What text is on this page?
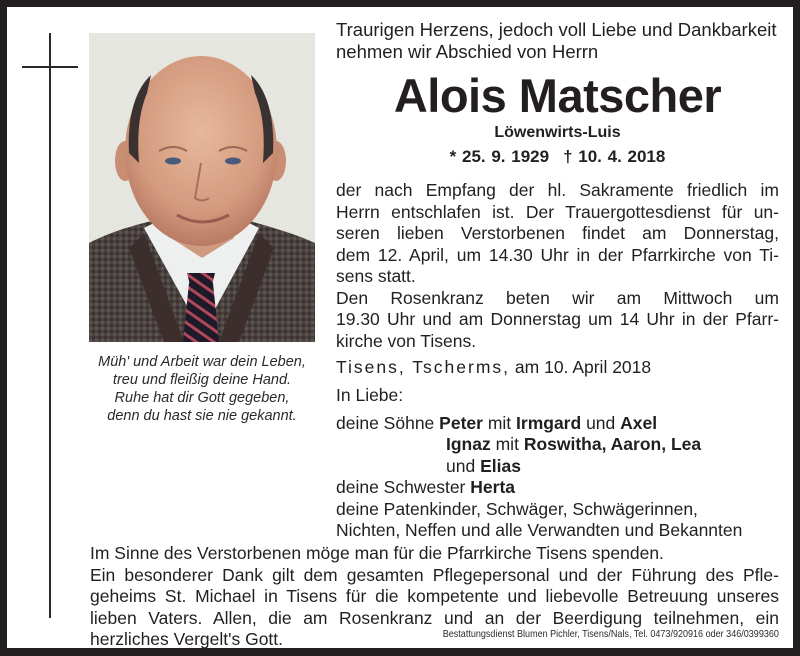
Müh' und Arbeit war dein Leben,
treu und fleißig deine Hand.
Ruhe hat dir Gott gegeben,
denn du hast sie nie gekannt.
Traurigen Herzens, jedoch voll Liebe und Dankbarkeit
nehmen wir Abschied von Herrn
Alois Matscher
Löwenwirts-Luis
* 25. 9. 1929 † 10. 4. 2018
der nach Empfang der hl. Sakramente friedlich im
Herrn entschlafen ist. Der Trauergottesdienst für un-
seren lieben Verstorbenen findet am Donnerstag,
dem 12. April, um 14.30 Uhr in der Pfarrkirche von Ti-
sens statt.
Den Rosenkranz beten wir am Mittwoch um
19.30 Uhr und am Donnerstag um 14 Uhr in der Pfarr-
kirche von Tisens.
Tisens, Tscherms, am 10. April 2018
In Liebe:
deine Söhne Peter mit Irmgard und Axel
Ignaz mit Roswitha, Aaron, Lea
und Elias
deine Schwester Herta
deine Patenkinder, Schwäger, Schwägerinnen,
Nichten, Neffen und alle Verwandten und Bekannten
Im Sinne des Verstorbenen möge man für die Pfarrkirche Tisens spenden.
Ein besonderer Dank gilt dem gesamten Pflegepersonal und der Führung des Pfle-
geheims St. Michael in Tisens für die kompetente und liebevolle Betreuung unseres
lieben Vaters. Allen, die am Rosenkranz und an der Beerdigung teilnehmen, ein
herzliches Vergelt's Gott.	Bestattungsdienst Blumen Pichler, Tisens/Nals, Tel. 0473/920916 oder 346/0399360
